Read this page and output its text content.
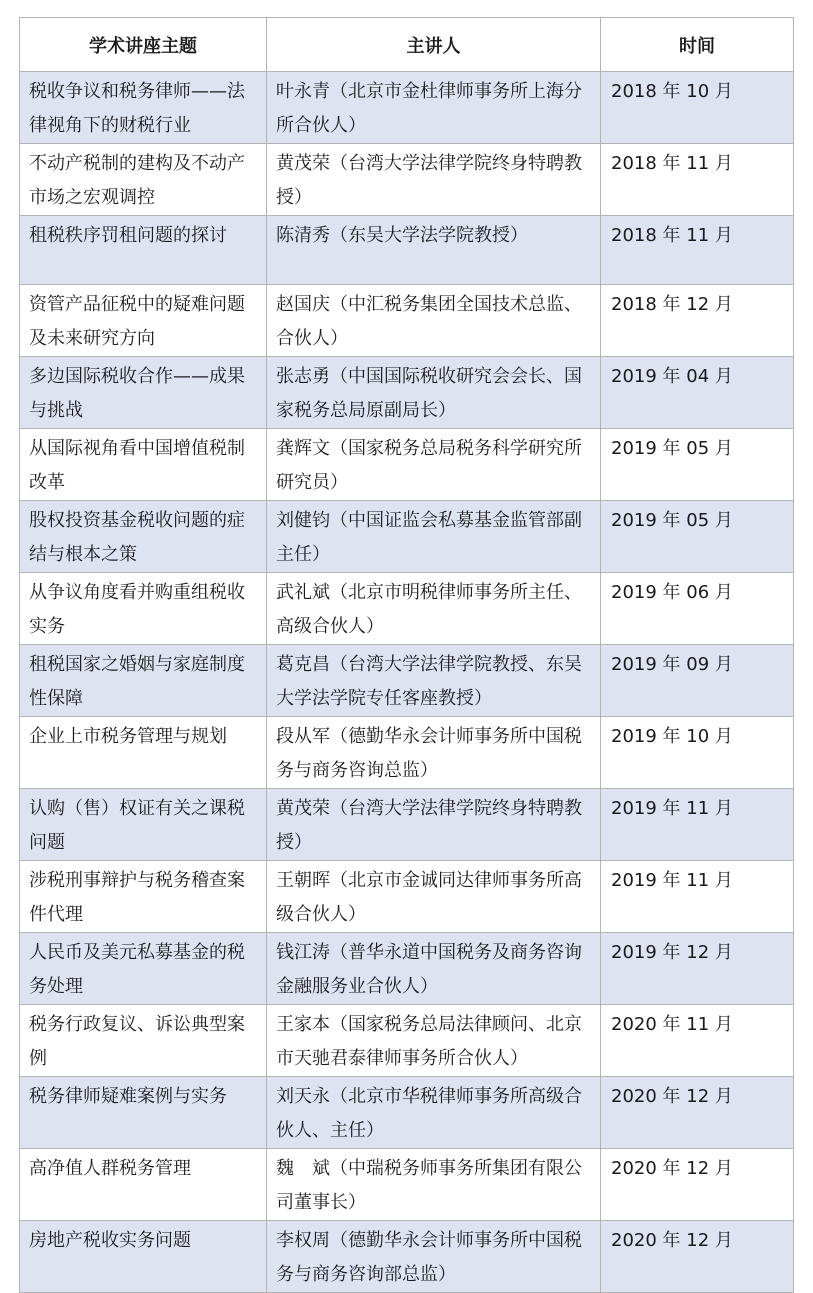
学术讲座主题	主讲人	时间
税收争议和税务律师——法律视角下的财税行业	叶永青（北京市金杜律师事务所上海分所合伙人）	2018 年 10 月
不动产税制的建构及不动产市场之宏观调控	黄茂荣（台湾大学法律学院终身特聘教授）	2018 年 11 月
租税秩序罚租问题的探讨	陈清秀（东吴大学法学院教授）	2018 年 11 月
资管产品征税中的疑难问题及未来研究方向	赵国庆（中汇税务集团全国技术总监、合伙人）	2018 年 12 月
多边国际税收合作——成果与挑战	张志勇（中国国际税收研究会会长、国家税务总局原副局长）	2019 年 04 月
从国际视角看中国增值税制改革	龚辉文（国家税务总局税务科学研究所研究员）	2019 年 05 月
股权投资基金税收问题的症结与根本之策	刘健钧（中国证监会私募基金监管部副主任）	2019 年 05 月
从争议角度看并购重组税收实务	武礼斌（北京市明税律师事务所主任、高级合伙人）	2019 年 06 月
租税国家之婚姻与家庭制度性保障	葛克昌（台湾大学法律学院教授、东吴大学法学院专任客座教授）	2019 年 09 月
企业上市税务管理与规划	段从军（德勤华永会计师事务所中国税务与商务咨询总监）	2019 年 10 月
认购（售）权证有关之课税问题	黄茂荣（台湾大学法律学院终身特聘教授）	2019 年 11 月
涉税刑事辩护与税务稽查案件代理	王朝晖（北京市金诚同达律师事务所高级合伙人）	2019 年 11 月
人民币及美元私募基金的税务处理	钱江涛（普华永道中国税务及商务咨询金融服务业合伙人）	2019 年 12 月
税务行政复议、诉讼典型案例	王家本（国家税务总局法律顾问、北京市天驰君泰律师事务所合伙人）	2020 年 11 月
税务律师疑难案例与实务	刘天永（北京市华税律师事务所高级合伙人、主任）	2020 年 12 月
高净值人群税务管理	魏　斌（中瑞税务师事务所集团有限公司董事长）	2020 年 12 月
房地产税收实务问题	李权周（德勤华永会计师事务所中国税务与商务咨询部总监）	2020 年 12 月
